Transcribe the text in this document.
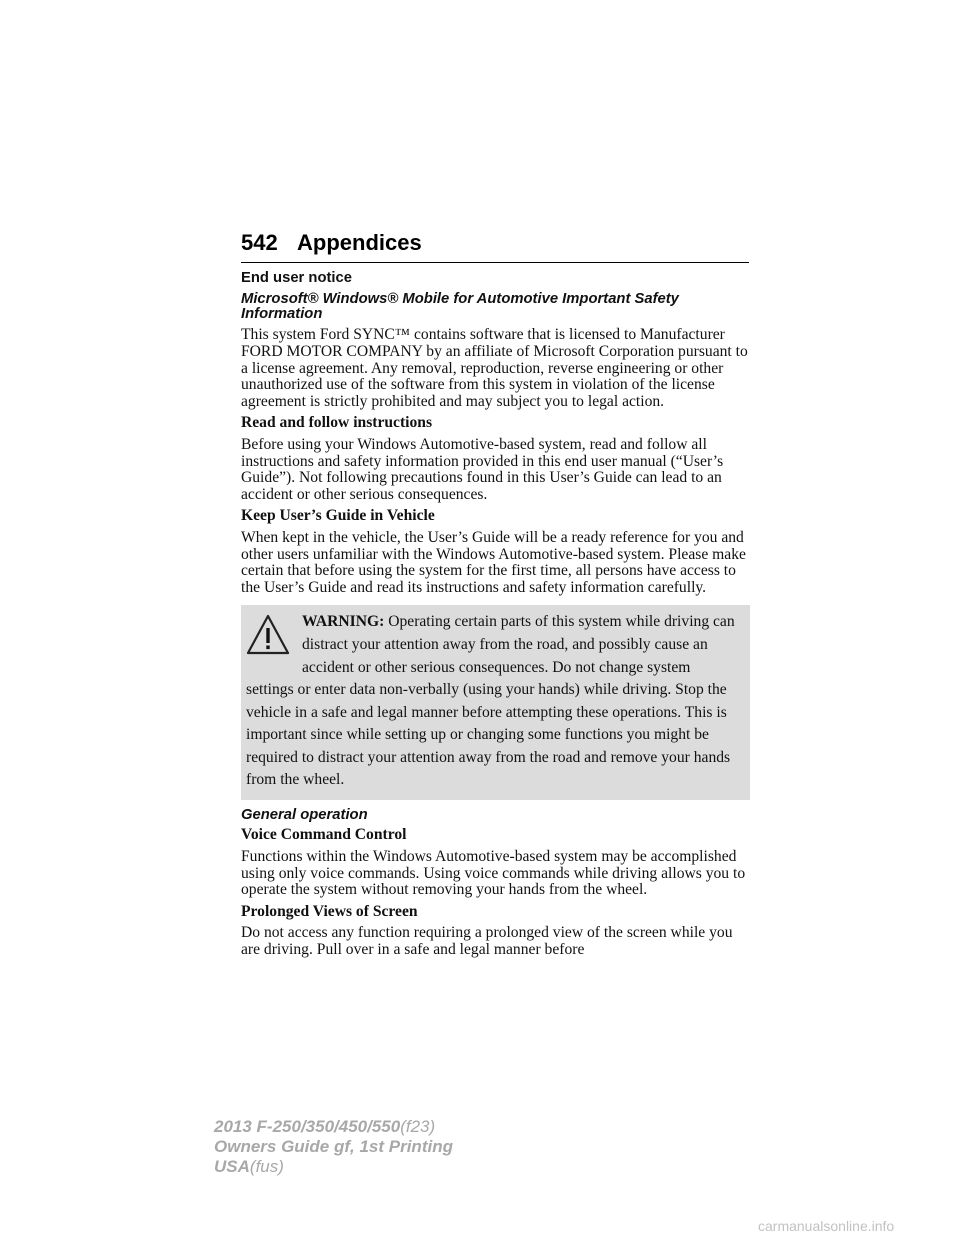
542 Appendices

End user notice

Microsoft® Windows® Mobile for Automotive Important Safety Information

This system Ford SYNC™ contains software that is licensed to Manufacturer FORD MOTOR COMPANY by an affiliate of Microsoft Corporation pursuant to a license agreement. Any removal, reproduction, reverse engineering or other unauthorized use of the software from this system in violation of the license agreement is strictly prohibited and may subject you to legal action.

Read and follow instructions

Before using your Windows Automotive-based system, read and follow all instructions and safety information provided in this end user manual (“User’s Guide”). Not following precautions found in this User’s Guide can lead to an accident or other serious consequences.

Keep User’s Guide in Vehicle

When kept in the vehicle, the User’s Guide will be a ready reference for you and other users unfamiliar with the Windows Automotive-based system. Please make certain that before using the system for the first time, all persons have access to the User’s Guide and read its instructions and safety information carefully.

WARNING: Operating certain parts of this system while driving can distract your attention away from the road, and possibly cause an accident or other serious consequences. Do not change system settings or enter data non-verbally (using your hands) while driving. Stop the vehicle in a safe and legal manner before attempting these operations. This is important since while setting up or changing some functions you might be required to distract your attention away from the road and remove your hands from the wheel.

General operation

Voice Command Control

Functions within the Windows Automotive-based system may be accomplished using only voice commands. Using voice commands while driving allows you to operate the system without removing your hands from the wheel.

Prolonged Views of Screen

Do not access any function requiring a prolonged view of the screen while you are driving. Pull over in a safe and legal manner before

2013 F-250/350/450/550(f23)
Owners Guide gf, 1st Printing
USA(fus)
carmanualsonline.info
